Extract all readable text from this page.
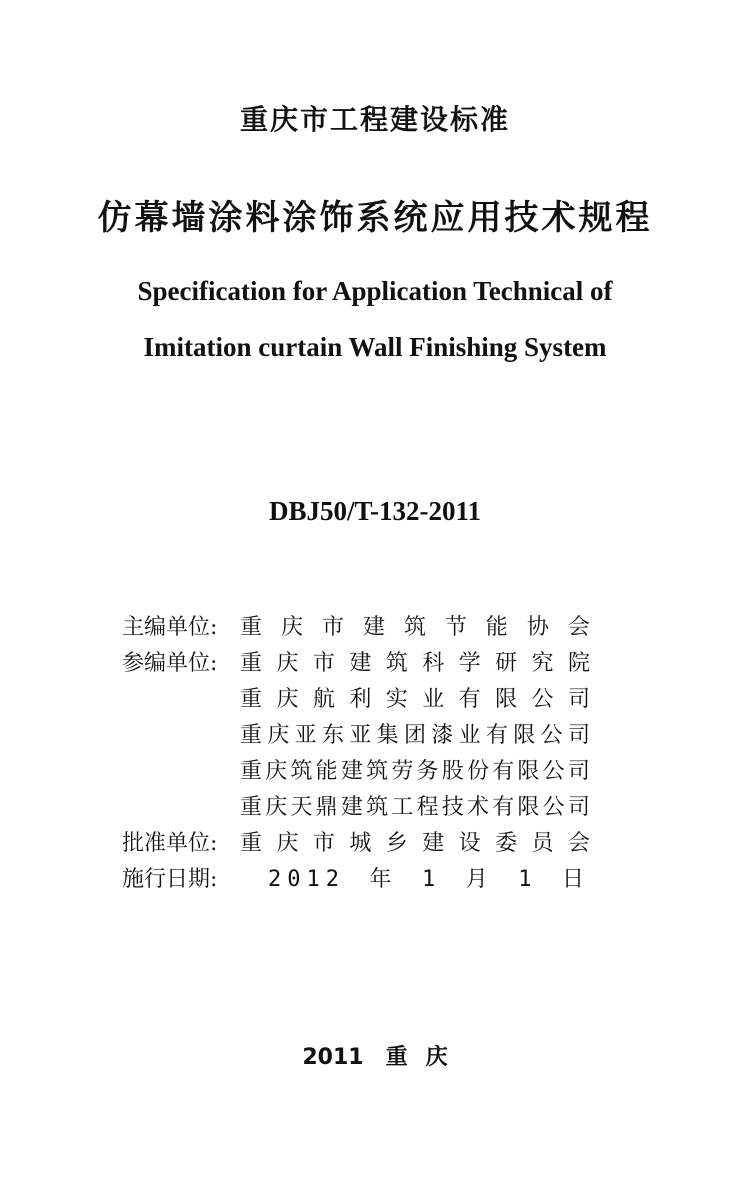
重庆市工程建设标准
仿幕墙涂料涂饰系统应用技术规程
Specification for Application Technical of
Imitation curtain Wall Finishing System
DBJ50/T-132-2011
主编单位:	重 庆 市 建 筑 节 能 协 会
参编单位:	重 庆 市 建 筑 科 学 研 究 院
重 庆 航 利 实 业 有 限 公 司
重 庆 亚 东 亚 集 团 漆 业 有 限 公 司
重 庆 筑 能 建 筑 劳 务 股 份 有 限 公 司
重 庆 天 鼎 建 筑 工 程 技 术 有 限 公 司
批准单位:	重 庆 市 城 乡 建 设 委 员 会
施行日期:	2012 年 1 月 1 日
2011 重 庆
